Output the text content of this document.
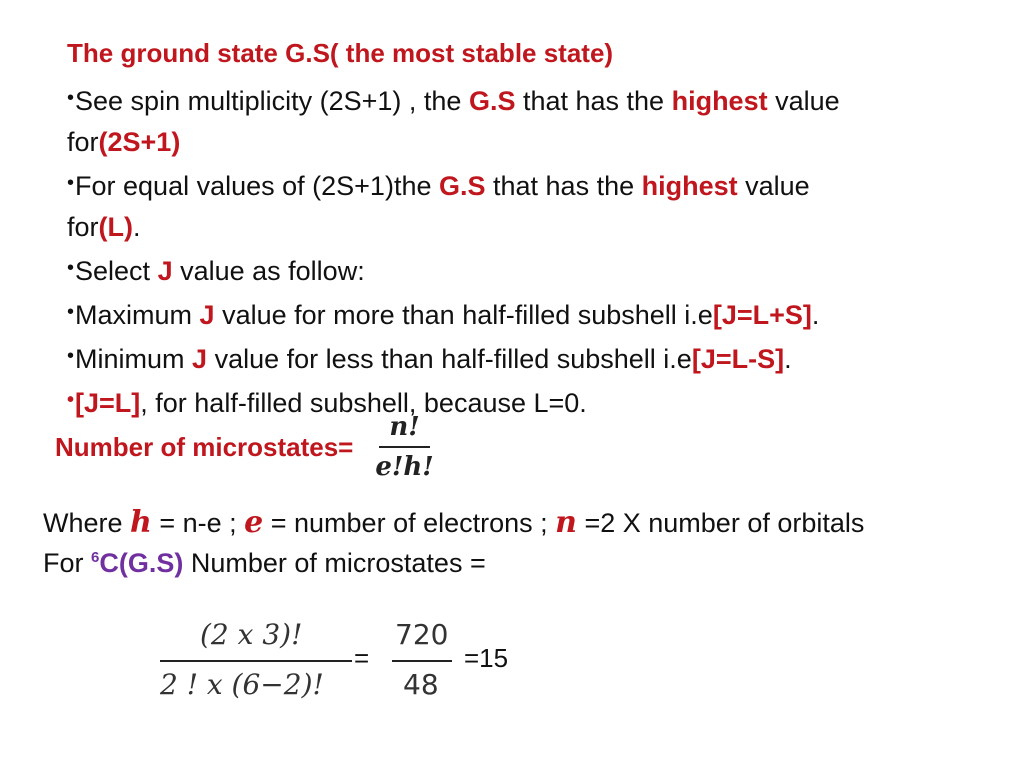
The ground state G.S( the most stable state)

•See spin multiplicity (2S+1) , the G.S that has the highest value
for(2S+1)

•For equal values of (2S+1)the G.S that has the highest value
for(L).

•Select J value as follow:

•Maximum J value for more than half-filled subshell i.e[J=L+S].

•Minimum J value for less than half-filled subshell i.e[J=L-S].

•[J=L], for half-filled subshell, because L=0.

Number of microstates= $\frac{n!}{e!h!}$
Where h = n-e ; e = number of electrons ; n =2 X number of orbitals
For $^6$C(G.S) Number of microstates =
(2 x 3)!
2 ! x (6−2)!
=
720
48
=15
